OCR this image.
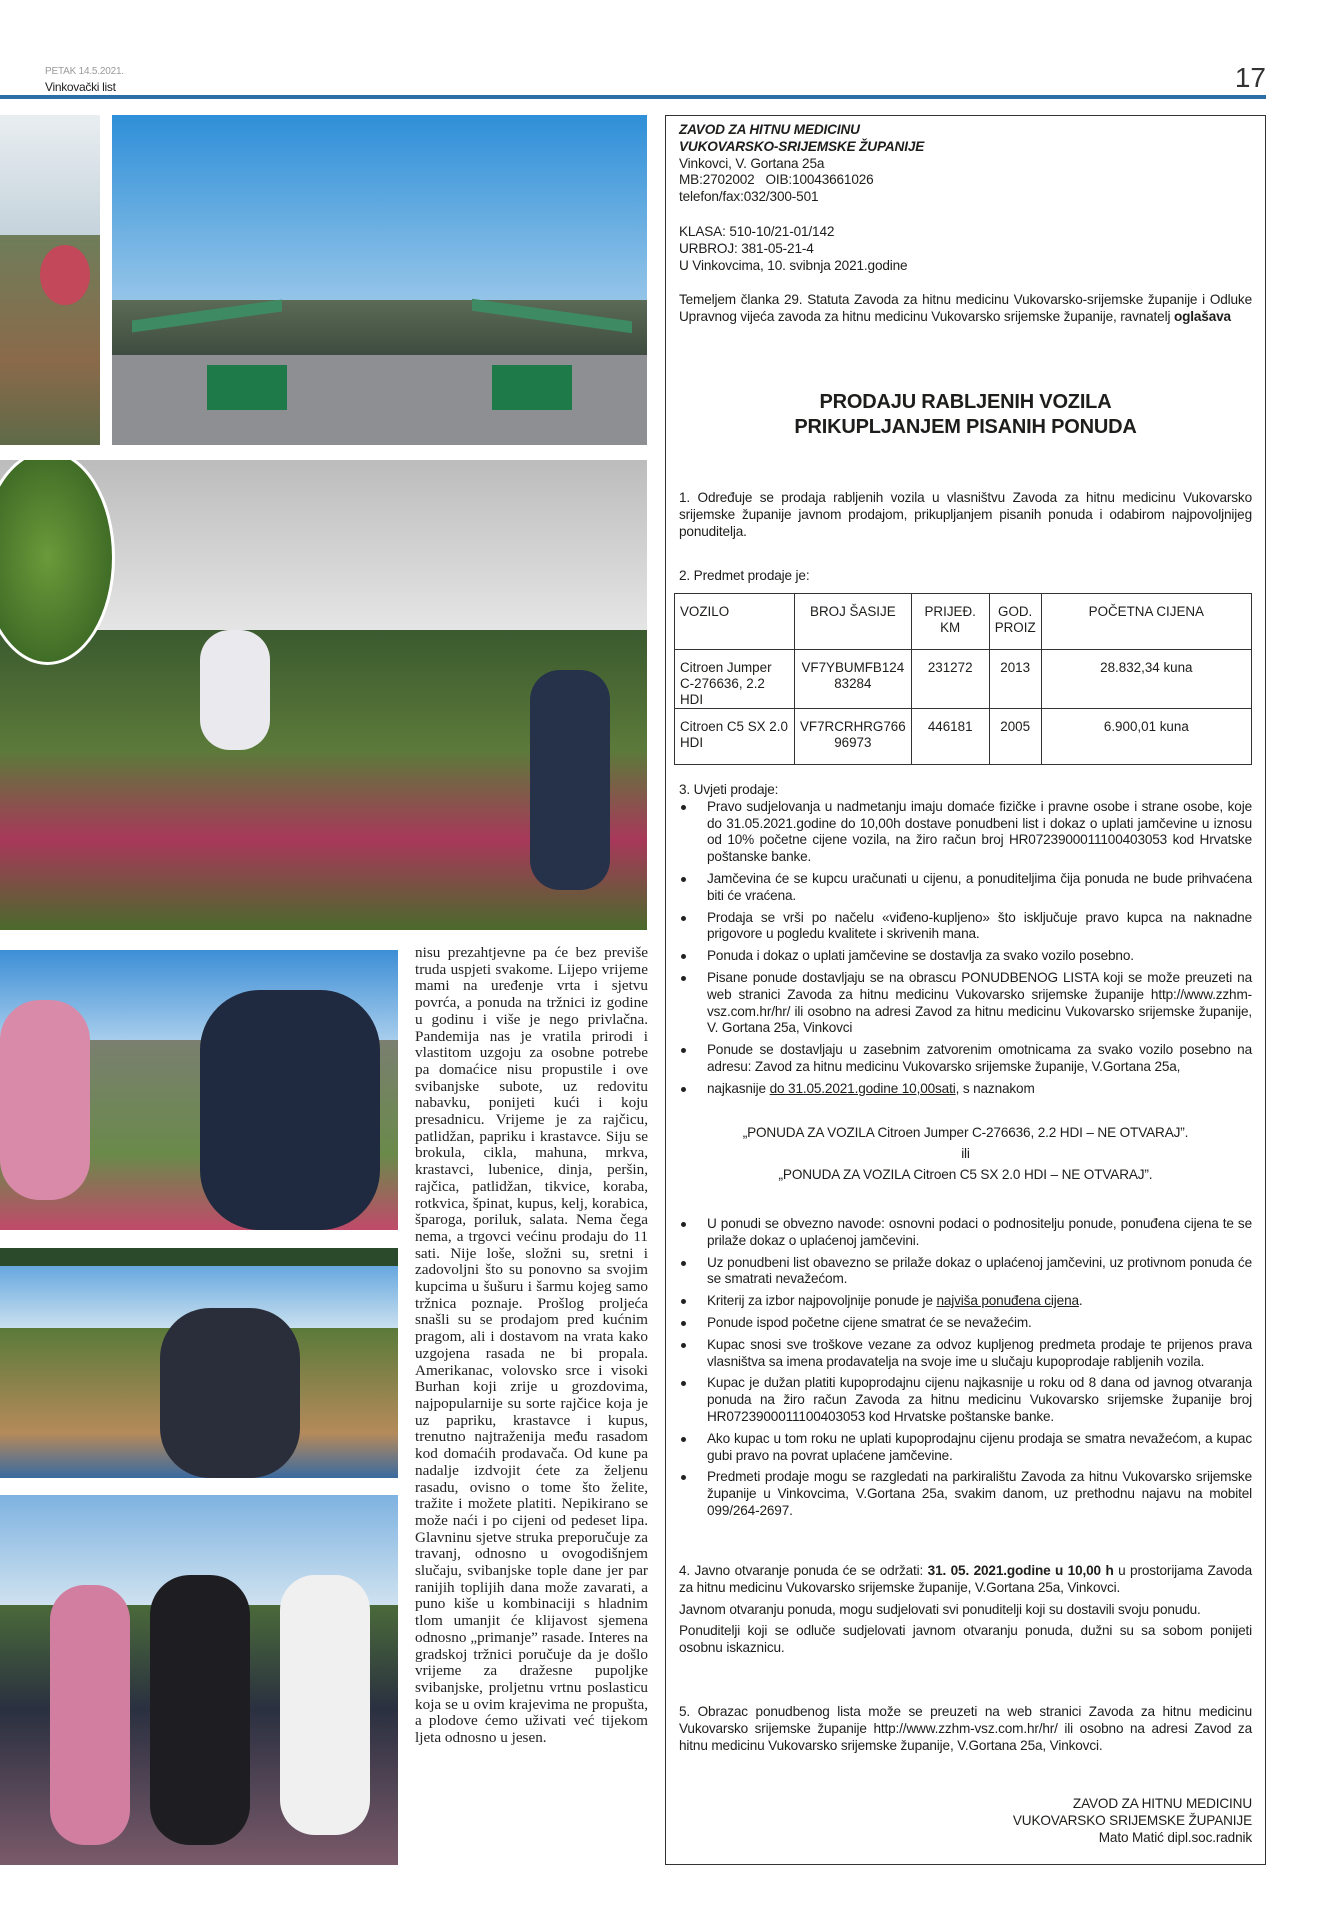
PETAK 14.5.2021.
Vinkovački list	17
nisu prezahtjevne pa će bez previše truda uspjeti svakome. Lijepo vrijeme mami na uređenje vrta i sjetvu povrća, a ponuda na tržnici iz godine u godinu i više je nego privlačna. Pandemija nas je vratila prirodi i vlastitom uzgoju za osobne potrebe pa domaćice nisu propustile i ove svibanjske subote, uz redovitu nabavku, ponijeti kući i koju presadnicu. Vrijeme je za rajčicu, patlidžan, papriku i krastavce. Siju se brokula, cikla, mahuna, mrkva, krastavci, lubenice, dinja, peršin, rajčica, patlidžan, tikvice, koraba, rotkvica, špinat, kupus, kelj, korabica, šparoga, poriluk, salata. Nema čega nema, a trgovci većinu prodaju do 11 sati. Nije loše, složni su, sretni i zadovoljni što su ponovno sa svojim kupcima u šušuru i šarmu kojeg samo tržnica poznaje. Prošlog proljeća snašli su se prodajom pred kućnim pragom, ali i dostavom na vrata kako uzgojena rasada ne bi propala. Amerikanac, volovsko srce i visoki Burhan koji zrije u grozdovima, najpopularnije su sorte rajčice koja je uz papriku, krastavce i kupus, trenutno najtraženija među rasadom kod domaćih prodavača. Od kune pa nadalje izdvojit ćete za željenu rasadu, ovisno o tome što želite, tražite i možete platiti. Nepikirano se može naći i po cijeni od pedeset lipa. Glavninu sjetve struka preporučuje za travanj, odnosno u ovogodišnjem slučaju, svibanjske tople dane jer par ranijih toplijih dana može zavarati, a puno kiše u kombinaciji s hladnim tlom umanjit će klijavost sjemena odnosno „primanje” rasade. Interes na gradskoj tržnici poručuje da je došlo vrijeme za dražesne pupoljke svibanjske, proljetnu vrtnu poslasticu koja se u ovim krajevima ne propušta, a plodove ćemo uživati već tijekom ljeta odnosno u jesen.
ZAVOD ZA HITNU MEDICINU
VUKOVARSKO-SRIJEMSKE ŽUPANIJE
Vinkovci, V. Gortana 25a
MB:2702002   OIB:10043661026
telefon/fax:032/300-501
KLASA: 510-10/21-01/142
URBROJ: 381-05-21-4
U Vinkovcima, 10. svibnja 2021.godine
Temeljem članka 29. Statuta Zavoda za hitnu medicinu Vukovarsko-srijemske županije i Odluke Upravnog vijeća zavoda za hitnu medicinu Vukovarsko srijemske županije, ravnatelj oglašava
PRODAJU RABLJENIH VOZILA
PRIKUPLJANJEM PISANIH PONUDA
1. Određuje se prodaja rabljenih vozila u vlasništvu Zavoda za hitnu medicinu Vukovarsko srijemske županije javnom prodajom, prikupljanjem pisanih ponuda i odabirom najpovoljnijeg ponuditelja.
2. Predmet prodaje je:
VOZILO	BROJ ŠASIJE	PRIJEĐ. KM	GOD. PROIZ	POČETNA CIJENA
Citroen Jumper C-276636, 2.2 HDI	VF7YBUMFB124 83284	231272	2013	28.832,34 kuna
Citroen C5 SX 2.0 HDI	VF7RCRHRG766 96973	446181	2005	6.900,01 kuna
3. Uvjeti prodaje:
Pravo sudjelovanja u nadmetanju imaju domaće fizičke i pravne osobe i strane osobe, koje do 31.05.2021.godine do 10,00h dostave ponudbeni list i dokaz o uplati jamčevine u iznosu od 10% početne cijene vozila, na žiro račun broj HR0723900011100403053 kod Hrvatske poštanske banke.
Jamčevina će se kupcu uračunati u cijenu, a ponuditeljima čija ponuda ne bude prihvaćena biti će vraćena.
Prodaja se vrši po načelu «viđeno-kupljeno» što isključuje pravo kupca na naknadne prigovore u pogledu kvalitete i skrivenih mana.
Ponuda i dokaz o uplati jamčevine se dostavlja za svako vozilo posebno.
Pisane ponude dostavljaju se na obrascu PONUDBENOG LISTA koji se može preuzeti na web stranici Zavoda za hitnu medicinu Vukovarsko srijemske županije http://www.zzhm-vsz.com.hr/hr/ ili osobno na adresi Zavod za hitnu medicinu Vukovarsko srijemske županije, V. Gortana 25a, Vinkovci
Ponude se dostavljaju u zasebnim zatvorenim omotnicama za svako vozilo posebno na adresu: Zavod za hitnu medicinu Vukovarsko srijemske županije, V.Gortana 25a,
najkasnije do 31.05.2021.godine 10,00sati, s naznakom
„PONUDA ZA VOZILA Citroen Jumper C-276636, 2.2 HDI – NE OTVARAJ”.
ili
„PONUDA ZA VOZILA Citroen C5 SX 2.0 HDI – NE OTVARAJ”.
U ponudi se obvezno navode: osnovni podaci o podnositelju ponude, ponuđena cijena te se prilaže dokaz o uplaćenoj jamčevini.
Uz ponudbeni list obavezno se prilaže dokaz o uplaćenoj jamčevini, uz protivnom ponuda će se smatrati nevažećom.
Kriterij za izbor najpovoljnije ponude je najviša ponuđena cijena.
Ponude ispod početne cijene smatrat će se nevažećim.
Kupac snosi sve troškove vezane za odvoz kupljenog predmeta prodaje te prijenos prava vlasništva sa imena prodavatelja na svoje ime u slučaju kupoprodaje rabljenih vozila.
Kupac je dužan platiti kupoprodajnu cijenu najkasnije u roku od 8 dana od javnog otvaranja ponuda na žiro račun Zavoda za hitnu medicinu Vukovarsko srijemske županije broj HR0723900011100403053 kod Hrvatske poštanske banke.
Ako kupac u tom roku ne uplati kupoprodajnu cijenu prodaja se smatra nevažećom, a kupac gubi pravo na povrat uplaćene jamčevine.
Predmeti prodaje mogu se razgledati na parkiralištu Zavoda za hitnu Vukovarsko srijemske županije u Vinkovcima, V.Gortana 25a, svakim danom, uz prethodnu najavu na mobitel 099/264-2697.

4. Javno otvaranje ponuda će se održati: 31. 05. 2021.godine u 10,00 h u prostorijama Zavoda za hitnu medicinu Vukovarsko srijemske županije, V.Gortana 25a, Vinkovci.

Javnom otvaranju ponuda, mogu sudjelovati svi ponuditelji koji su dostavili svoju ponudu.

Ponuditelji koji se odluče sudjelovati javnom otvaranju ponuda, dužni su sa sobom ponijeti osobnu iskaznicu.

5. Obrazac ponudbenog lista može se preuzeti na web stranici Zavoda za hitnu medicinu Vukovarsko srijemske županije http://www.zzhm-vsz.com.hr/hr/ ili osobno na adresi Zavod za hitnu medicinu Vukovarsko srijemske županije, V.Gortana 25a, Vinkovci.
ZAVOD ZA HITNU MEDICINU
VUKOVARSKO SRIJEMSKE ŽUPANIJE
Mato Matić dipl.soc.radnik
